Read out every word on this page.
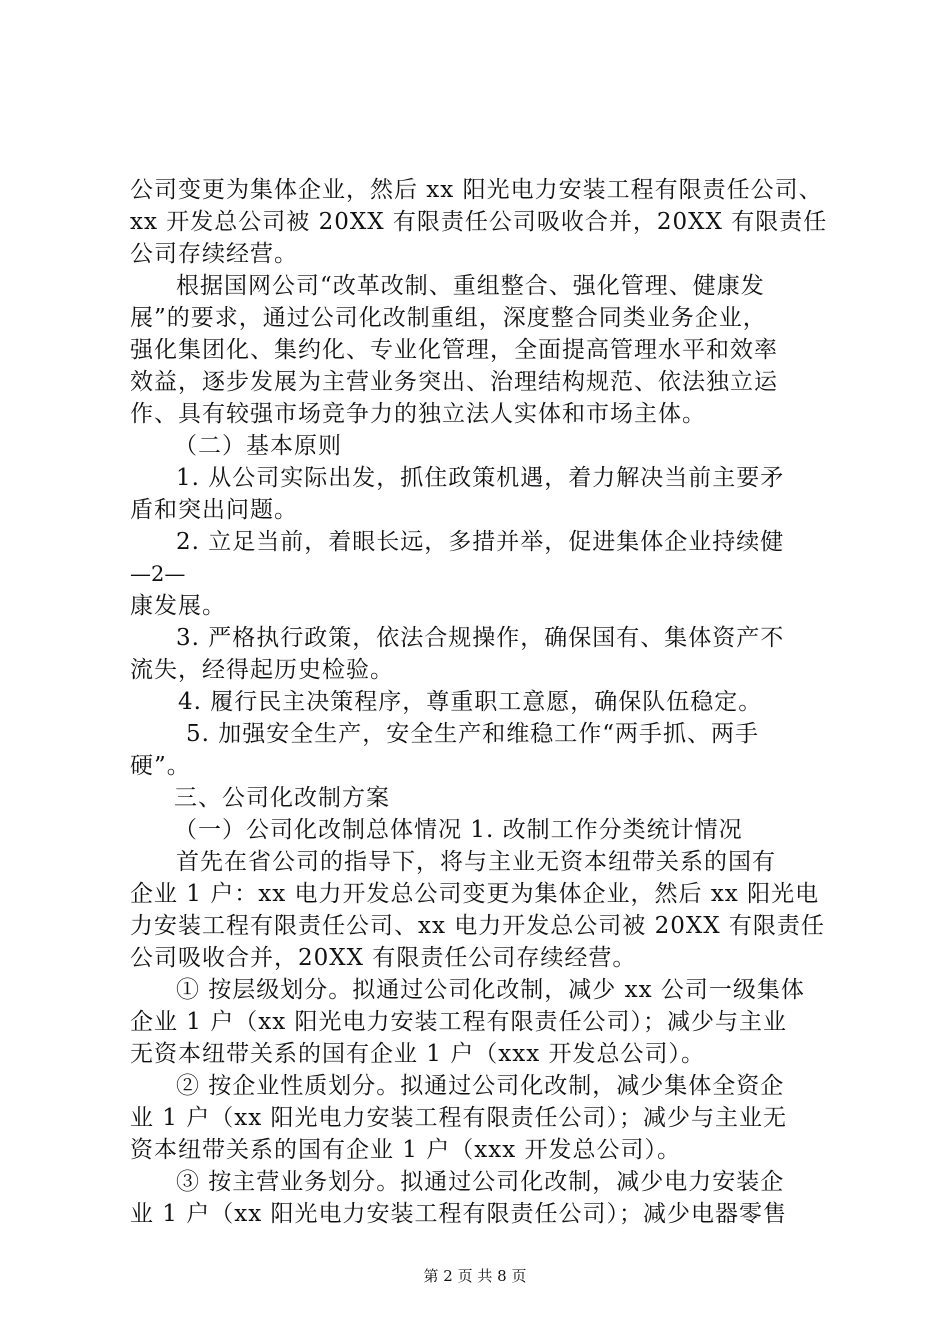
公司变更为集体企业，然后 xx 阳光电力安装工程有限责任公司、
xx 开发总公司被 20XX 有限责任公司吸收合并，20XX 有限责任
公司存续经营。
根据国网公司“改革改制、重组整合、强化管理、健康发
展”的要求，通过公司化改制重组，深度整合同类业务企业，
强化集团化、集约化、专业化管理，全面提高管理水平和效率
效益，逐步发展为主营业务突出、治理结构规范、依法独立运
作、具有较强市场竞争力的独立法人实体和市场主体。
（二）基本原则
1. 从公司实际出发，抓住政策机遇，着力解决当前主要矛
盾和突出问题。
2. 立足当前，着眼长远，多措并举，促进集体企业持续健
—2—
康发展。
3. 严格执行政策，依法合规操作，确保国有、集体资产不
流失，经得起历史检验。
4. 履行民主决策程序，尊重职工意愿，确保队伍稳定。
5. 加强安全生产，安全生产和维稳工作“两手抓、两手
硬”。
三、公司化改制方案
（一）公司化改制总体情况 1. 改制工作分类统计情况
首先在省公司的指导下，将与主业无资本纽带关系的国有
企业 1 户：xx 电力开发总公司变更为集体企业，然后 xx 阳光电
力安装工程有限责任公司、xx 电力开发总公司被 20XX 有限责任
公司吸收合并，20XX 有限责任公司存续经营。
① 按层级划分。拟通过公司化改制，减少 xx 公司一级集体
企业 1 户（xx 阳光电力安装工程有限责任公司）；减少与主业
无资本纽带关系的国有企业 1 户（xxx 开发总公司）。
② 按企业性质划分。拟通过公司化改制，减少集体全资企
业 1 户（xx 阳光电力安装工程有限责任公司）；减少与主业无
资本纽带关系的国有企业 1 户（xxx 开发总公司）。
③ 按主营业务划分。拟通过公司化改制，减少电力安装企
业 1 户（xx 阳光电力安装工程有限责任公司）；减少电器零售
第 2 页 共 8 页
